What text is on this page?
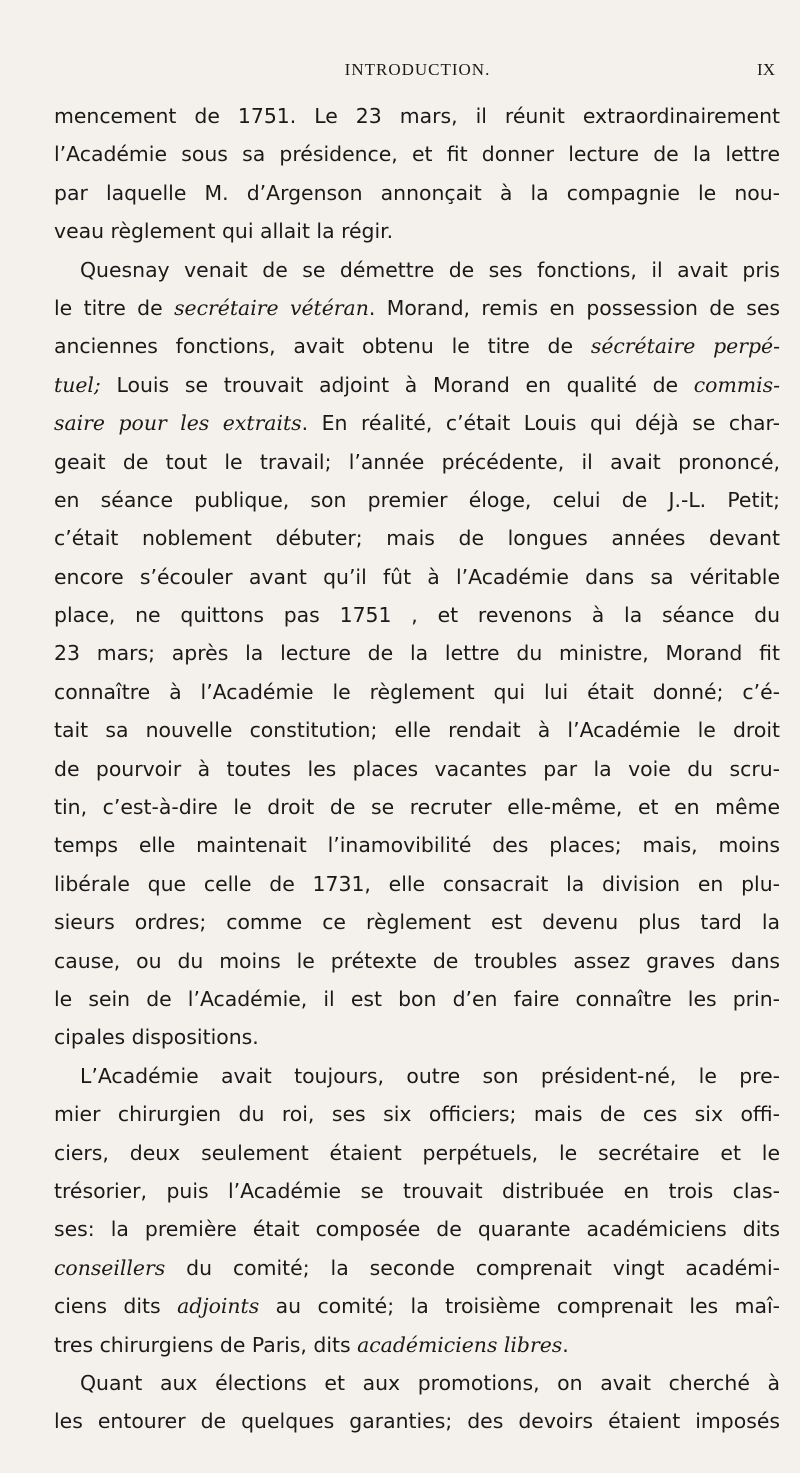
INTRODUCTION.	IX
mencement de 1751. Le 23 mars, il réunit extraordinairement
l’Académie sous sa présidence, et fit donner lecture de la lettre
par laquelle M. d’Argenson annonçait à la compagnie le nou-
veau règlement qui allait la régir.
Quesnay venait de se démettre de ses fonctions, il avait pris
le titre de secrétaire vétéran. Morand, remis en possession de ses
anciennes fonctions, avait obtenu le titre de sécrétaire perpé-
tuel; Louis se trouvait adjoint à Morand en qualité de commis-
saire pour les extraits. En réalité, c’était Louis qui déjà se char-
geait de tout le travail; l’année précédente, il avait prononcé,
en séance publique, son premier éloge, celui de J.-L. Petit;
c’était noblement débuter; mais de longues années devant
encore s’écouler avant qu’il fût à l’Académie dans sa véritable
place, ne quittons pas 1751 , et revenons à la séance du
23 mars; après la lecture de la lettre du ministre, Morand fit
connaître à l’Académie le règlement qui lui était donné; c’é-
tait sa nouvelle constitution; elle rendait à l’Académie le droit
de pourvoir à toutes les places vacantes par la voie du scru-
tin, c’est-à-dire le droit de se recruter elle-même, et en même
temps elle maintenait l’inamovibilité des places; mais, moins
libérale que celle de 1731, elle consacrait la division en plu-
sieurs ordres; comme ce règlement est devenu plus tard la
cause, ou du moins le prétexte de troubles assez graves dans
le sein de l’Académie, il est bon d’en faire connaître les prin-
cipales dispositions.
L’Académie avait toujours, outre son président-né, le pre-
mier chirurgien du roi, ses six officiers; mais de ces six offi-
ciers, deux seulement étaient perpétuels, le secrétaire et le
trésorier, puis l’Académie se trouvait distribuée en trois clas-
ses: la première était composée de quarante académiciens dits
conseillers du comité; la seconde comprenait vingt académi-
ciens dits adjoints au comité; la troisième comprenait les maî-
tres chirurgiens de Paris, dits académiciens libres.
Quant aux élections et aux promotions, on avait cherché à
les entourer de quelques garanties; des devoirs étaient imposés
